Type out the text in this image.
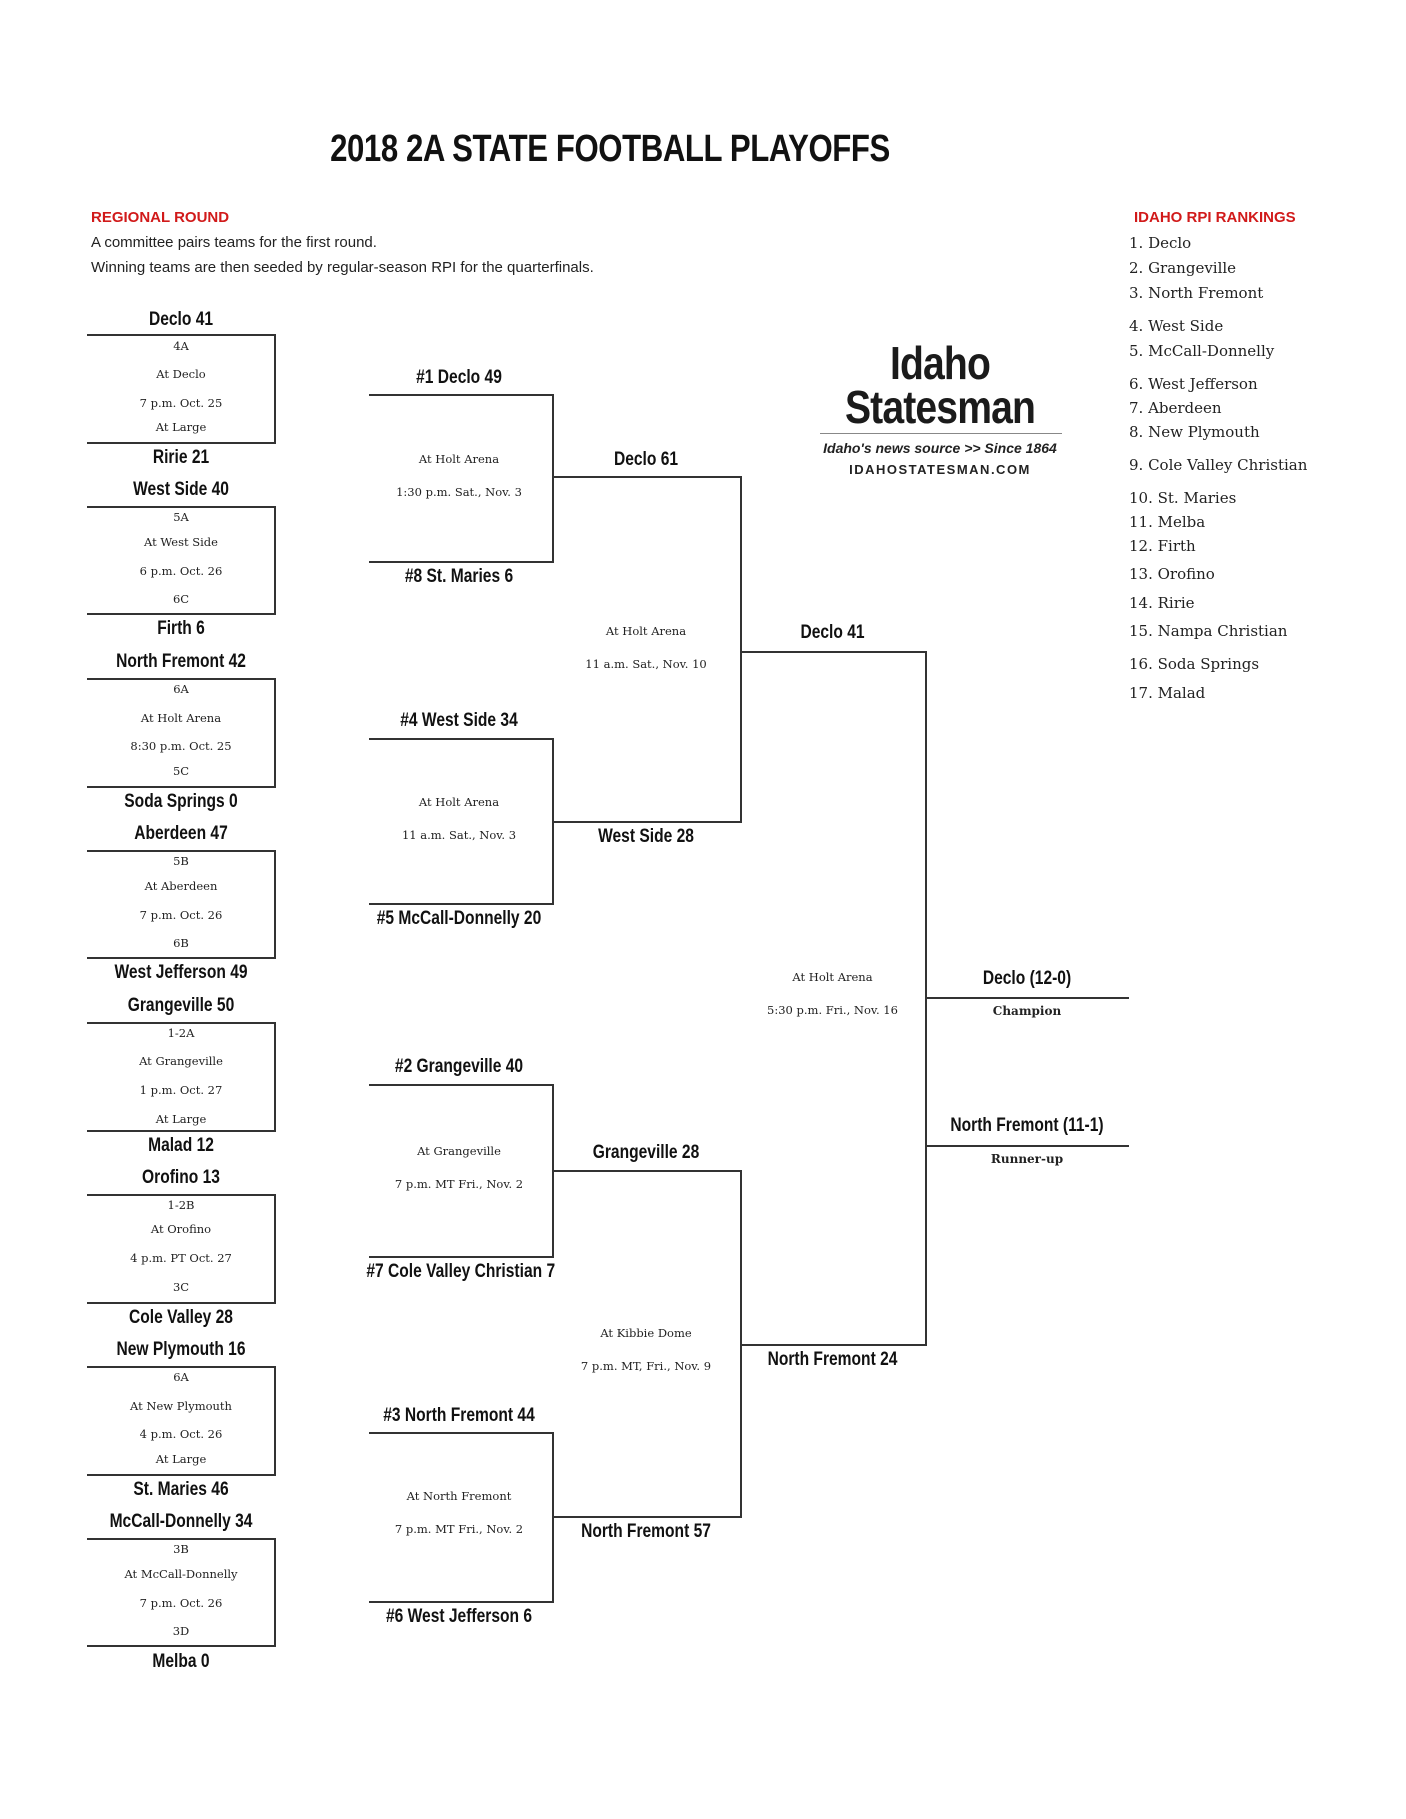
2018 2A STATE FOOTBALL PLAYOFFS
REGIONAL ROUND
A committee pairs teams for the first round.
Winning teams are then seeded by regular-season RPI for the quarterfinals.
IDAHO RPI RANKINGS
1. Declo
2. Grangeville
3. North Fremont
4. West Side
5. McCall-Donnelly
6. West Jefferson
7. Aberdeen
8. New Plymouth
9. Cole Valley Christian
10. St. Maries
11. Melba
12. Firth
13. Orofino
14. Ririe
15. Nampa Christian
16. Soda Springs
17. Malad
Idaho
Statesman
Idaho's news source >> Since 1864
IDAHOSTATESMAN.COM
Declo 41
4A
At Declo
7 p.m. Oct. 25
At Large
Ririe 21
West Side 40
5A
At West Side
6 p.m. Oct. 26
6C
Firth 6
North Fremont 42
6A
At Holt Arena
8:30 p.m. Oct. 25
5C
Soda Springs 0
Aberdeen 47
5B
At Aberdeen
7 p.m. Oct. 26
6B
West Jefferson 49
Grangeville 50
1-2A
At Grangeville
1 p.m. Oct. 27
At Large
Malad 12
Orofino 13
1-2B
At Orofino
4 p.m. PT Oct. 27
3C
Cole Valley 28
New Plymouth 16
6A
At New Plymouth
4 p.m. Oct. 26
At Large
St. Maries 46
McCall-Donnelly 34
3B
At McCall-Donnelly
7 p.m. Oct. 26
3D
Melba 0
#1 Declo 49
At Holt Arena
1:30 p.m. Sat., Nov. 3
#8 St. Maries 6
#4 West Side 34
At Holt Arena
11 a.m. Sat., Nov. 3
#5 McCall-Donnelly 20
#2 Grangeville 40
At Grangeville
7 p.m. MT Fri., Nov. 2
#7 Cole Valley Christian 7
#3 North Fremont 44
At North Fremont
7 p.m. MT Fri., Nov. 2
#6 West Jefferson 6
Declo 61
At Holt Arena
11 a.m. Sat., Nov. 10
West Side 28
Grangeville 28
At Kibbie Dome
7 p.m. MT, Fri., Nov. 9
North Fremont 57
Declo 41
At Holt Arena
5:30 p.m. Fri., Nov. 16
North Fremont 24
Declo (12-0)
Champion
North Fremont (11-1)
Runner-up
